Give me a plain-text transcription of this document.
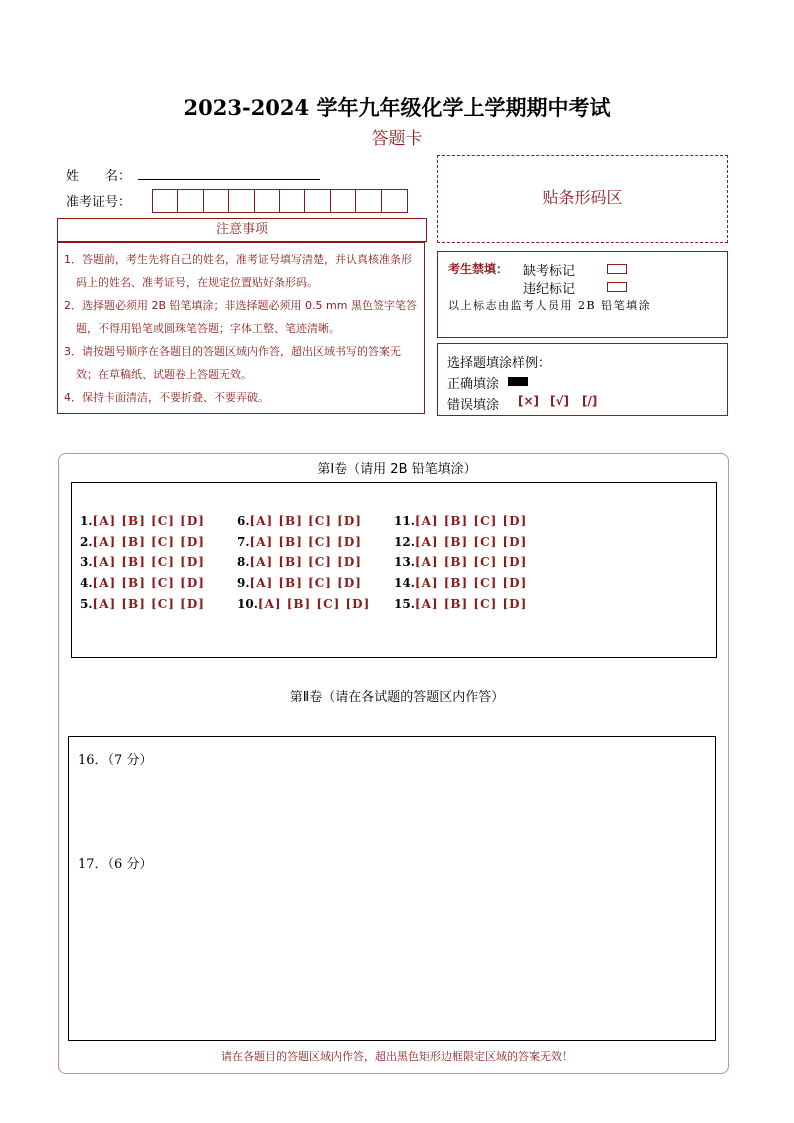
2023-2024 学年九年级化学上学期期中考试
答题卡
姓　　名：
准考证号：
注意事项
1．答题前，考生先将自己的姓名，准考证号填写清楚，并认真核准条形码上的姓名、准考证号，在规定位置贴好条形码。
2．选择题必须用 2B 铅笔填涂；非选择题必须用 0.5 mm 黑色签字笔答题，不得用铅笔或圆珠笔答题；字体工整、笔迹清晰。
3．请按题号顺序在各题目的答题区域内作答，超出区域书写的答案无效；在草稿纸、试题卷上答题无效。
4．保持卡面清洁，不要折叠、不要弄破。
贴条形码区
考生禁填： 缺考标记
违纪标记
以上标志由监考人员用 2B 铅笔填涂
选择题填涂样例：
正确填涂
错误填涂 [×] [√] [/]
第Ⅰ卷（请用 2B 铅笔填涂）
1.[A] [B] [C] [D]
2.[A] [B] [C] [D]
3.[A] [B] [C] [D]
4.[A] [B] [C] [D]
5.[A] [B] [C] [D]
6.[A] [B] [C] [D]
7.[A] [B] [C] [D]
8.[A] [B] [C] [D]
9.[A] [B] [C] [D]
10.[A] [B] [C] [D]
11.[A] [B] [C] [D]
12.[A] [B] [C] [D]
13.[A] [B] [C] [D]
14.[A] [B] [C] [D]
15.[A] [B] [C] [D]
第Ⅱ卷（请在各试题的答题区内作答）
16．（7 分）
17．（6 分）
请在各题目的答题区域内作答，超出黑色矩形边框限定区域的答案无效！
